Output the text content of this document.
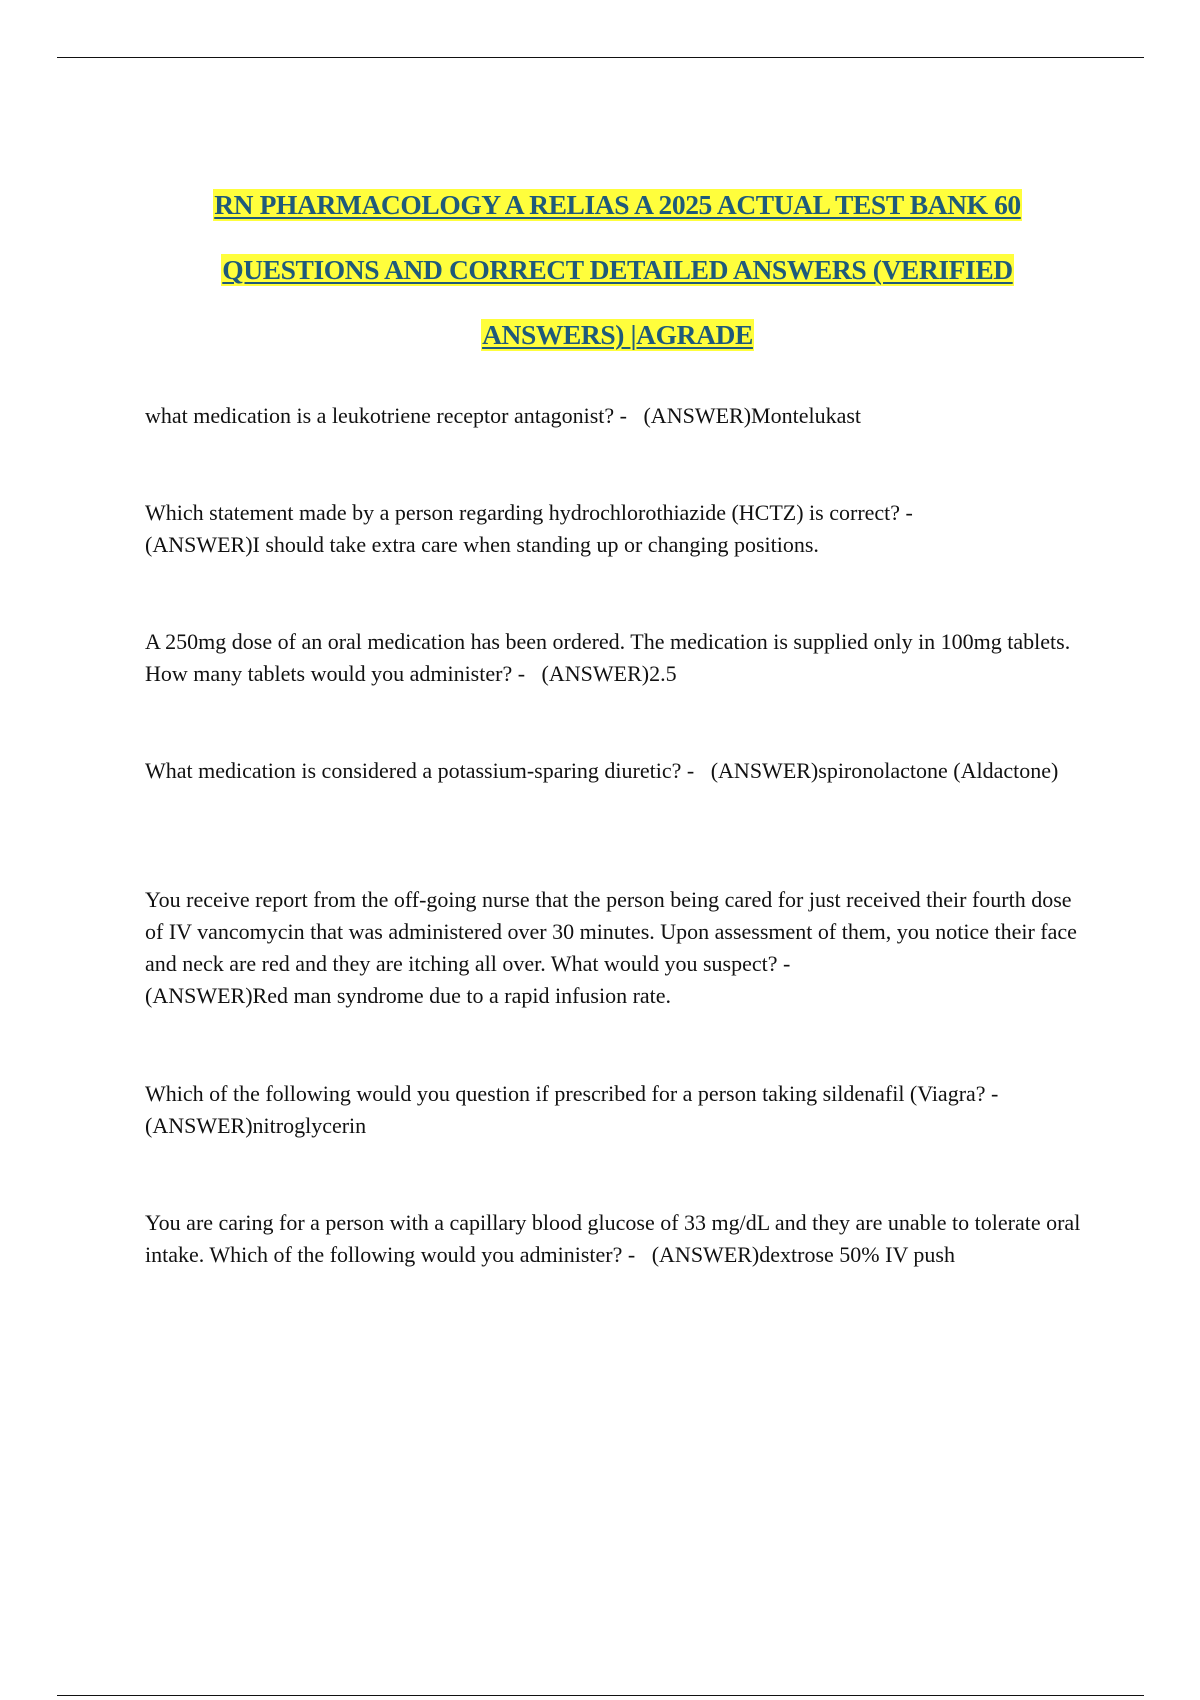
RN PHARMACOLOGY A RELIAS A 2025 ACTUAL TEST BANK 60
QUESTIONS AND CORRECT DETAILED ANSWERS (VERIFIED
ANSWERS) |AGRADE

what medication is a leukotriene receptor antagonist? - (ANSWER)Montelukast

Which statement made by a person regarding hydrochlorothiazide (HCTZ) is correct? -
(ANSWER)I should take extra care when standing up or changing positions.

A 250mg dose of an oral medication has been ordered. The medication is supplied only in 100mg tablets. How many tablets would you administer? - (ANSWER)2.5

What medication is considered a potassium-sparing diuretic? - (ANSWER)spironolactone (Aldactone)

You receive report from the off-going nurse that the person being cared for just received their fourth dose of IV vancomycin that was administered over 30 minutes. Upon assessment of them, you notice their face and neck are red and they are itching all over. What would you suspect? -
(ANSWER)Red man syndrome due to a rapid infusion rate.

Which of the following would you question if prescribed for a person taking sildenafil (Viagra? -
(ANSWER)nitroglycerin

You are caring for a person with a capillary blood glucose of 33 mg/dL and they are unable to tolerate oral intake. Which of the following would you administer? - (ANSWER)dextrose 50% IV push
